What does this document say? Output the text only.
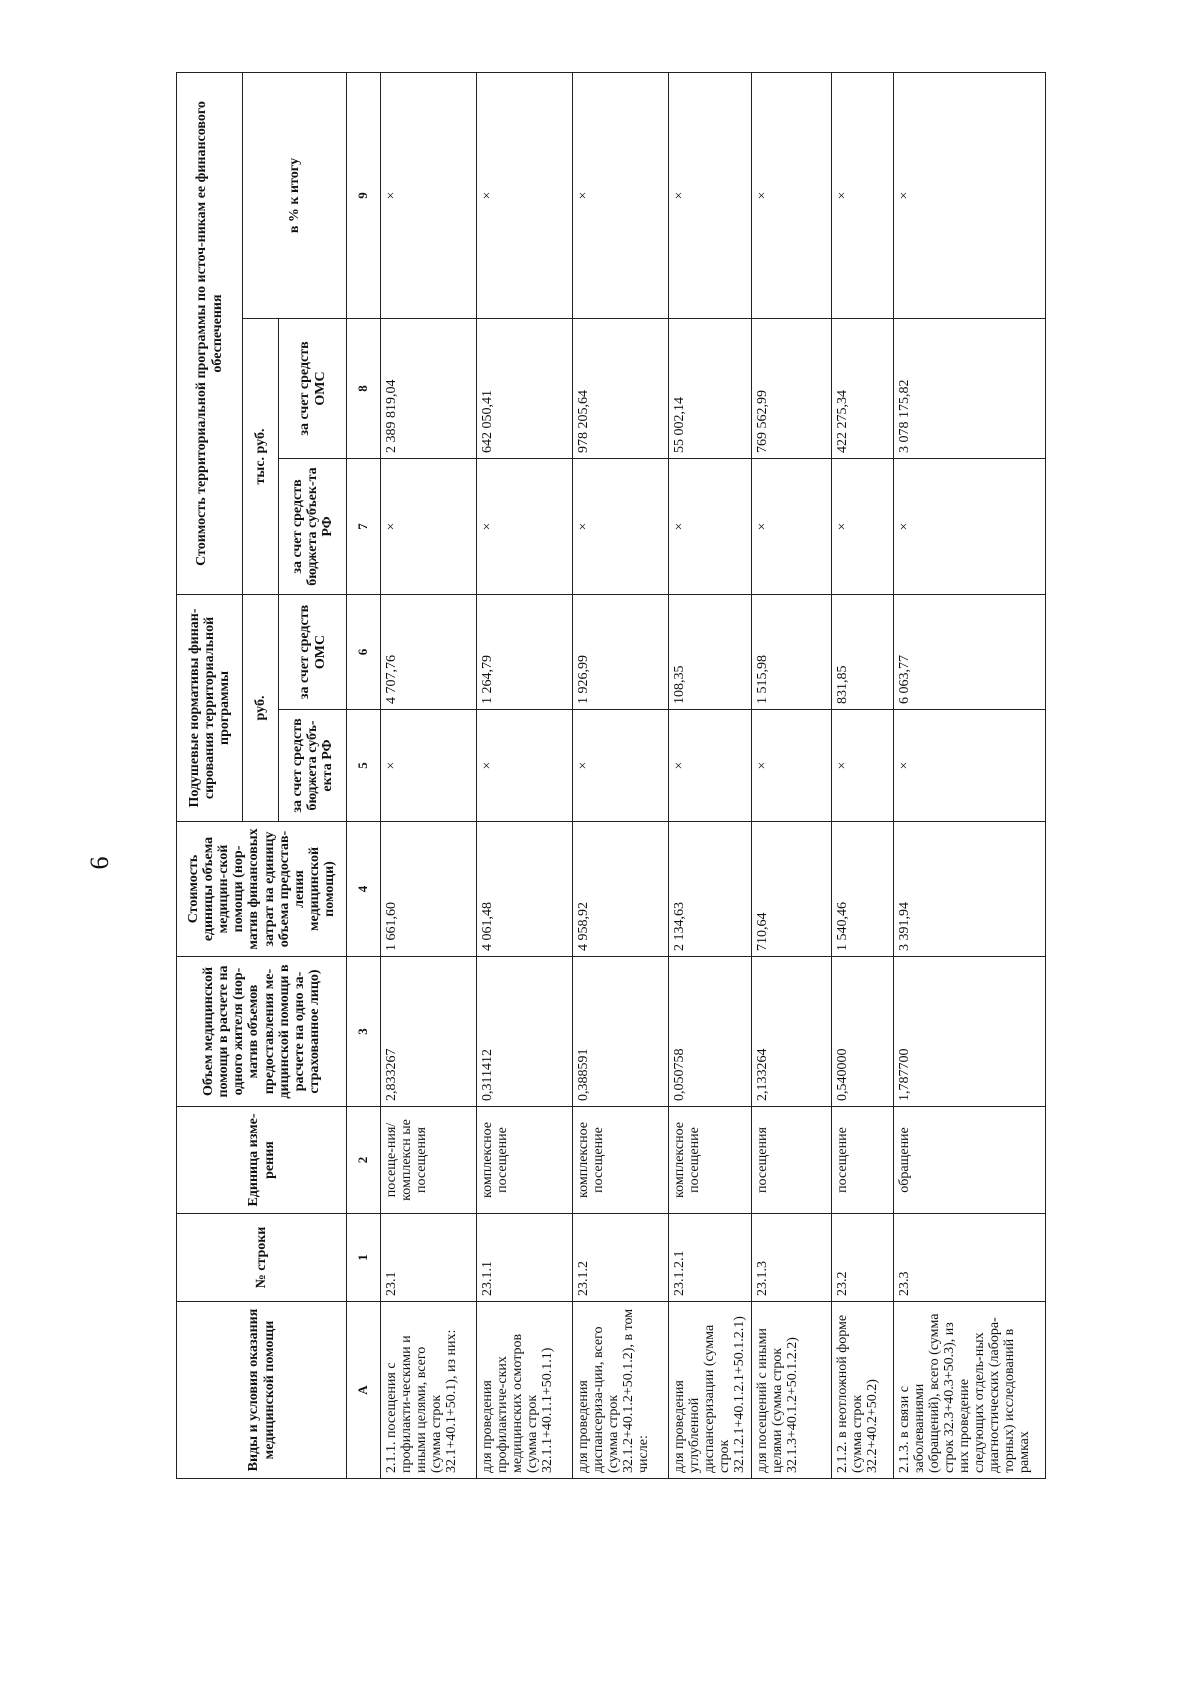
6
Виды и условия оказания медицинской помощи	№ строки	Единица изме-рения	Объем медицинской помощи в расчете на одного жителя (нор-матив объемов предоставления ме-дицинской помощи в расчете на одно за-страхованное лицо)	Стоимость единицы объема медицин-ской помощи (нор-матив финансовых затрат на единицу объема предостав-ления медицинской помощи)	Подушевые нормативы финан-сирования территориальной программы		Стоимость территориальной программы по источ-никам ее финансового обеспечения		
					руб.		тыс. руб.		в % к итогу
					за счет средств бюджета субъ-екта РФ	за счет средств ОМС	за счет средств бюджета субъек-та РФ	за счет средств ОМС	
А	1	2	3	4	5	6	7	8	9
2.1.1. посещения с профилакти-ческими и иными целями, всего (сумма строк 32.1+40.1+50.1), из них:	23.1	посеще-ния/комплексн ые посещения	2,833267	1 661,60	×	4 707,76	×	2 389 819,04	×
для проведения профилактиче-ских медицинских осмотров (сумма строк 32.1.1+40.1.1+50.1.1)	23.1.1	комплексное посещение	0,311412	4 061,48	×	1 264,79	×	642 050,41	×
для проведения диспансериза-ции, всего (сумма строк 32.1.2+40.1.2+50.1.2), в том числе:	23.1.2	комплексное посещение	0,388591	4 958,92	×	1 926,99	×	978 205,64	×
для проведения углубленной диспансеризации (сумма строк 32.1.2.1+40.1.2.1+50.1.2.1)	23.1.2.1	комплексное посещение	0,050758	2 134,63	×	108,35	×	55 002,14	×
для посещений с иными целями (сумма строк 32.1.3+40.1.2+50.1.2.2)	23.1.3	посещения	2,133264	710,64	×	1 515,98	×	769 562,99	×
2.1.2. в неотложной форме (сумма строк 32.2+40.2+50.2)	23.2	посещение	0,540000	1 540,46	×	831,85	×	422 275,34	×
2.1.3. в связи с заболеваниями (обращений), всего (сумма строк 32.3+40.3+50.3), из них проведение следующих отдель-ных диагностических (лабора-торных) исследований в рамках	23.3	обращение	1,787700	3 391,94	×	6 063,77	×	3 078 175,82	×
